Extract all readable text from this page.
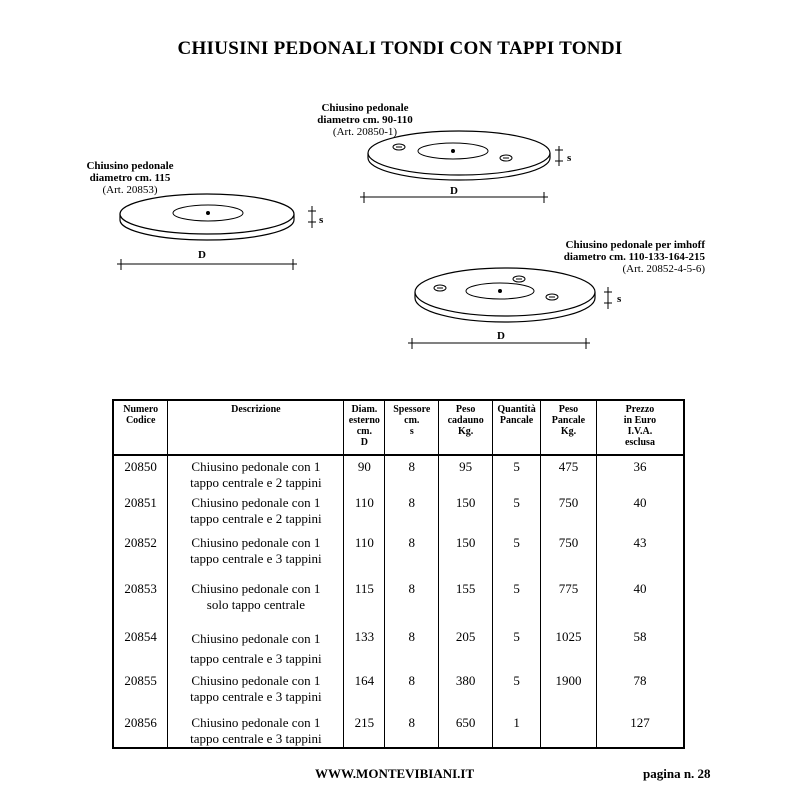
CHIUSINI PEDONALI TONDI CON TAPPI TONDI
Chiusino pedonale
diametro cm. 90-110
(Art. 20850-1)
Chiusino pedonale
diametro cm. 115
(Art. 20853)
Chiusino pedonale per imhoff
diametro cm. 110-133-164-215
(Art. 20852-4-5-6)
D
s
D
s
D
s
Numero
Codice	Descrizione	Diam.
esterno
cm.
D	Spessore
cm.
s	Peso
cadauno
Kg.	Quantità
Pancale	Peso
Pancale
Kg.	Prezzo
in Euro
I.V.A.
esclusa
20850	Chiusino pedonale con 1
tappo centrale e 2 tappini	90	8	95	5	475	36
20851	Chiusino pedonale con 1
tappo centrale e 2 tappini	110	8	150	5	750	40
20852	Chiusino pedonale con 1
tappo centrale e 3 tappini	110	8	150	5	750	43
20853	Chiusino pedonale con 1
solo tappo centrale	115	8	155	5	775	40
20854	Chiusino pedonale con 1
tappo centrale e 3 tappini	133	8	205	5	1025	58
20855	Chiusino pedonale con 1
tappo centrale e 3 tappini	164	8	380	5	1900	78
20856	Chiusino pedonale con 1
tappo centrale e 3 tappini	215	8	650	1		127
WWW.MONTEVIBIANI.IT	pagina n. 28
